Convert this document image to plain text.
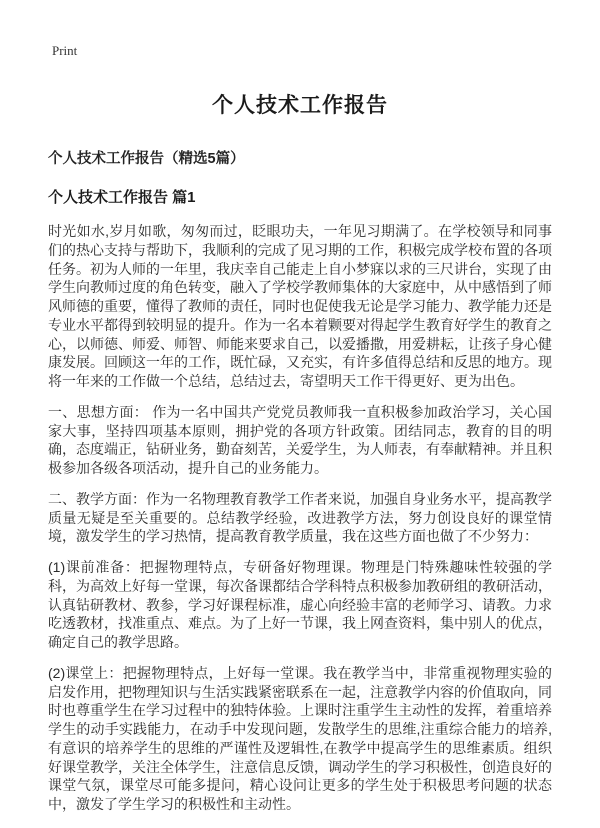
Print
个人技术工作报告
个人技术工作报告（精选5篇）
个人技术工作报告 篇1

时光如水,岁月如歌，匆匆而过，眨眼功夫，一年见习期满了。在学校领导和同事们的热心支持与帮助下，我顺利的完成了见习期的工作，积极完成学校布置的各项任务。初为人师的一年里，我庆幸自己能走上自小梦寐以求的三尺讲台，实现了由学生向教师过度的角色转变，融入了学校学教师集体的大家庭中，从中感悟到了师风师德的重要，懂得了教师的责任，同时也促使我无论是学习能力、教学能力还是专业水平都得到较明显的提升。作为一名本着颗要对得起学生教育好学生的教育之心，以师德、师爱、师智、师能来要求自己，以爱播撒，用爱耕耘，让孩子身心健康发展。回顾这一年的工作，既忙碌，又充实，有许多值得总结和反思的地方。现将一年来的工作做一个总结，总结过去，寄望明天工作干得更好、更为出色。

一、思想方面： 作为一名中国共产党党员教师我一直积极参加政治学习，关心国家大事，坚持四项基本原则，拥护党的各项方针政策。团结同志，教育的目的明确，态度端正，钻研业务，勤奋刻苦，关爱学生，为人师表，有奉献精神。并且积极参加各级各项活动，提升自己的业务能力。

二、教学方面：作为一名物理教育教学工作者来说，加强自身业务水平，提高教学质量无疑是至关重要的。总结教学经验，改进教学方法，努力创设良好的课堂情境，激发学生的学习热情，提高教育教学质量，我在这些方面也做了不少努力：

(1)课前准备：把握物理特点，专研备好物理课。物理是门特殊趣味性较强的学科，为高效上好每一堂课，每次备课都结合学科特点积极参加教研组的教研活动，认真钻研教材、教参，学习好课程标准，虚心向经验丰富的老师学习、请教。力求吃透教材，找准重点、难点。为了上好一节课，我上网查资料，集中别人的优点，确定自己的教学思路。

(2)课堂上：把握物理特点，上好每一堂课。我在教学当中，非常重视物理实验的启发作用，把物理知识与生活实践紧密联系在一起，注意教学内容的价值取向，同时也尊重学生在学习过程中的独特体验。上课时注重学生主动性的发挥，着重培养学生的动手实践能力，在动手中发现问题，发散学生的思维,注重综合能力的培养,有意识的培养学生的思维的严谨性及逻辑性,在教学中提高学生的思维素质。组织好课堂教学，关注全体学生，注意信息反馈，调动学生的学习积极性，创造良好的课堂气氛，课堂尽可能多提问，精心设问让更多的学生处于积极思考问题的状态中，激发了学生学习的积极性和主动性。
